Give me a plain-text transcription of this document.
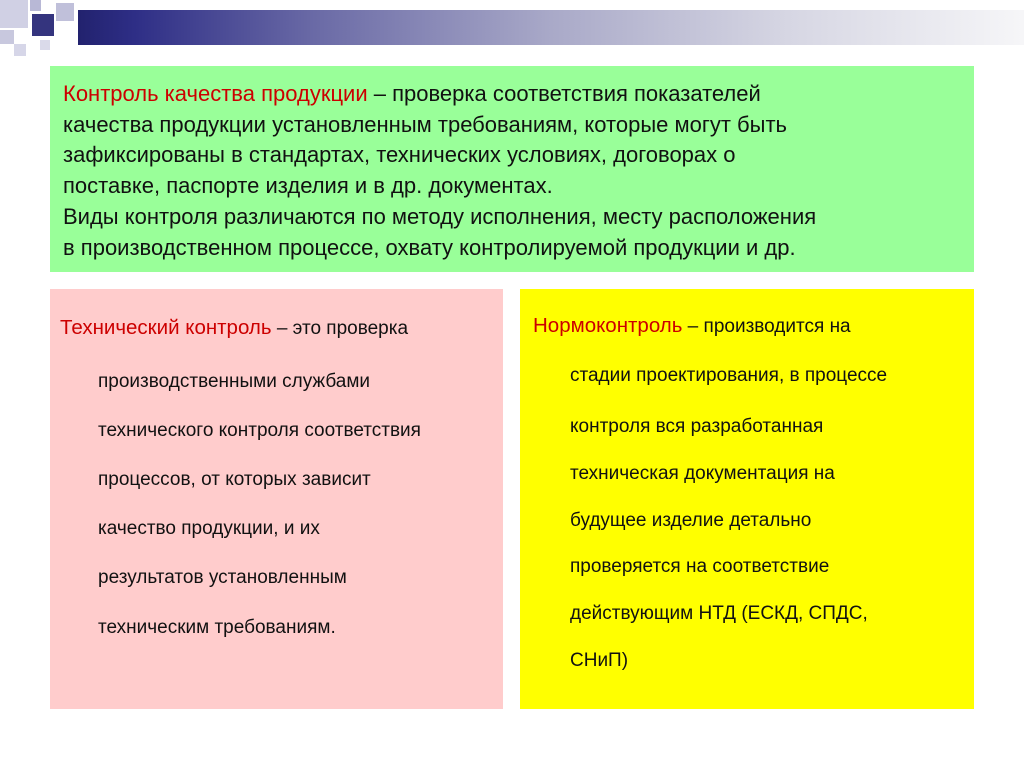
Контроль качества продукции – проверка соответствия показателей

качества продукции установленным требованиям, которые могут быть

зафиксированы в стандартах, технических условиях, договорах о

поставке, паспорте изделия и в др. документах.

Виды контроля различаются по методу исполнения, месту расположения

в производственном процессе, охвату контролируемой продукции и др.

Технический контроль – это проверка
производственными службами
технического контроля соответствия
процессов, от которых зависит
качество продукции, и их
результатов установленным
техническим требованиям.
Нормоконтроль – производится на
стадии проектирования, в процессе
контроля вся разработанная
техническая документация на
будущее изделие детально
проверяется на соответствие
действующим НТД (ЕСКД, СПДС,
СНиП)
